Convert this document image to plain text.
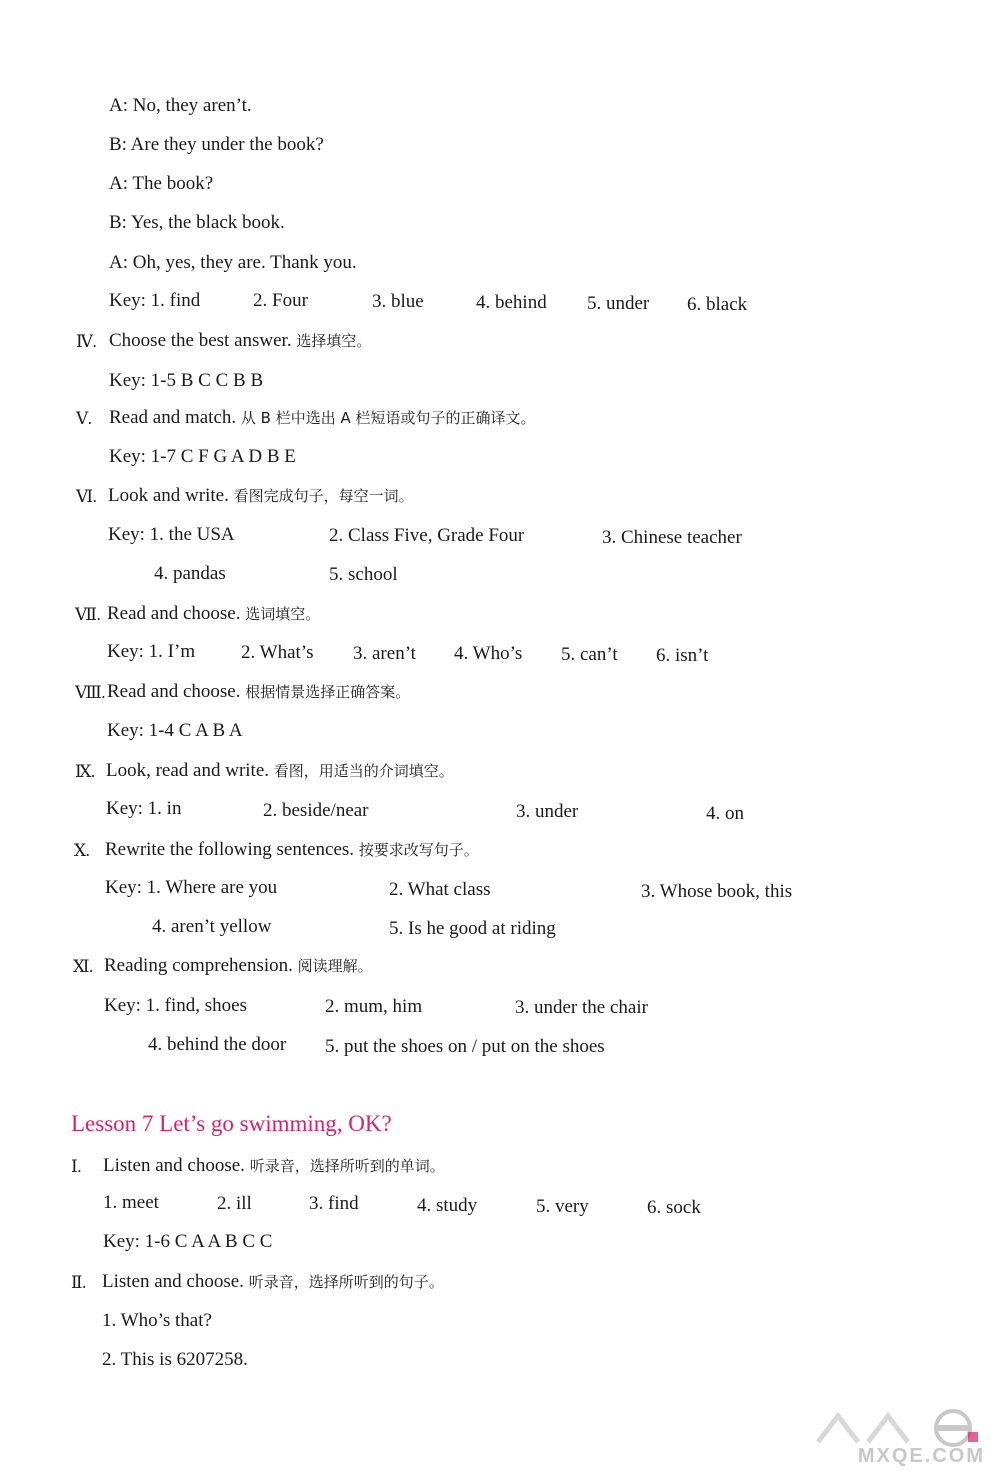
A: No, they aren’t.
B: Are they under the book?
A: The book?
B: Yes, the black book.
A: Oh, yes, they are. Thank you.
Key: 1. find	2. Four	3. blue	4. behind 5. under 6. black
Ⅳ. Choose the best answer. 选择填空。
Key: 1-5 B C C B B
Ⅴ. Read and match. 从 B 栏中选出 A 栏短语或句子的正确译文。
Key: 1-7 C F G A D B E
Ⅵ. Look and write. 看图完成句子，每空一词。
Key: 1. the USA	2. Class Five, Grade Four	3. Chinese teacher
4. pandas	5. school
Ⅶ. Read and choose. 选词填空。
Key: 1. I’m 2. What’s 3. aren’t 4. Who’s 5. can’t 6. isn’t
Ⅷ. Read and choose. 根据情景选择正确答案。
Key: 1-4 C A B A
Ⅸ. Look, read and write. 看图，用适当的介词填空。
Key: 1. in	2. beside/near	3. under	4. on
Ⅹ. Rewrite the following sentences. 按要求改写句子。
Key: 1. Where are you	2. What class	3. Whose book, this
4. aren’t yellow	5. Is he good at riding
Ⅺ. Reading comprehension. 阅读理解。
Key: 1. find, shoes	2. mum, him	3. under the chair
4. behind the door 5. put the shoes on / put on the shoes
Lesson 7 Let’s go swimming, OK?
Ⅰ. Listen and choose. 听录音，选择所听到的单词。
1. meet	2. ill	3. find	4. study	5. very	6. sock
Key: 1-6 C A A B C C
Ⅱ. Listen and choose. 听录音，选择所听到的句子。
1. Who’s that?
2. This is 6207258.
MXQE.COM
